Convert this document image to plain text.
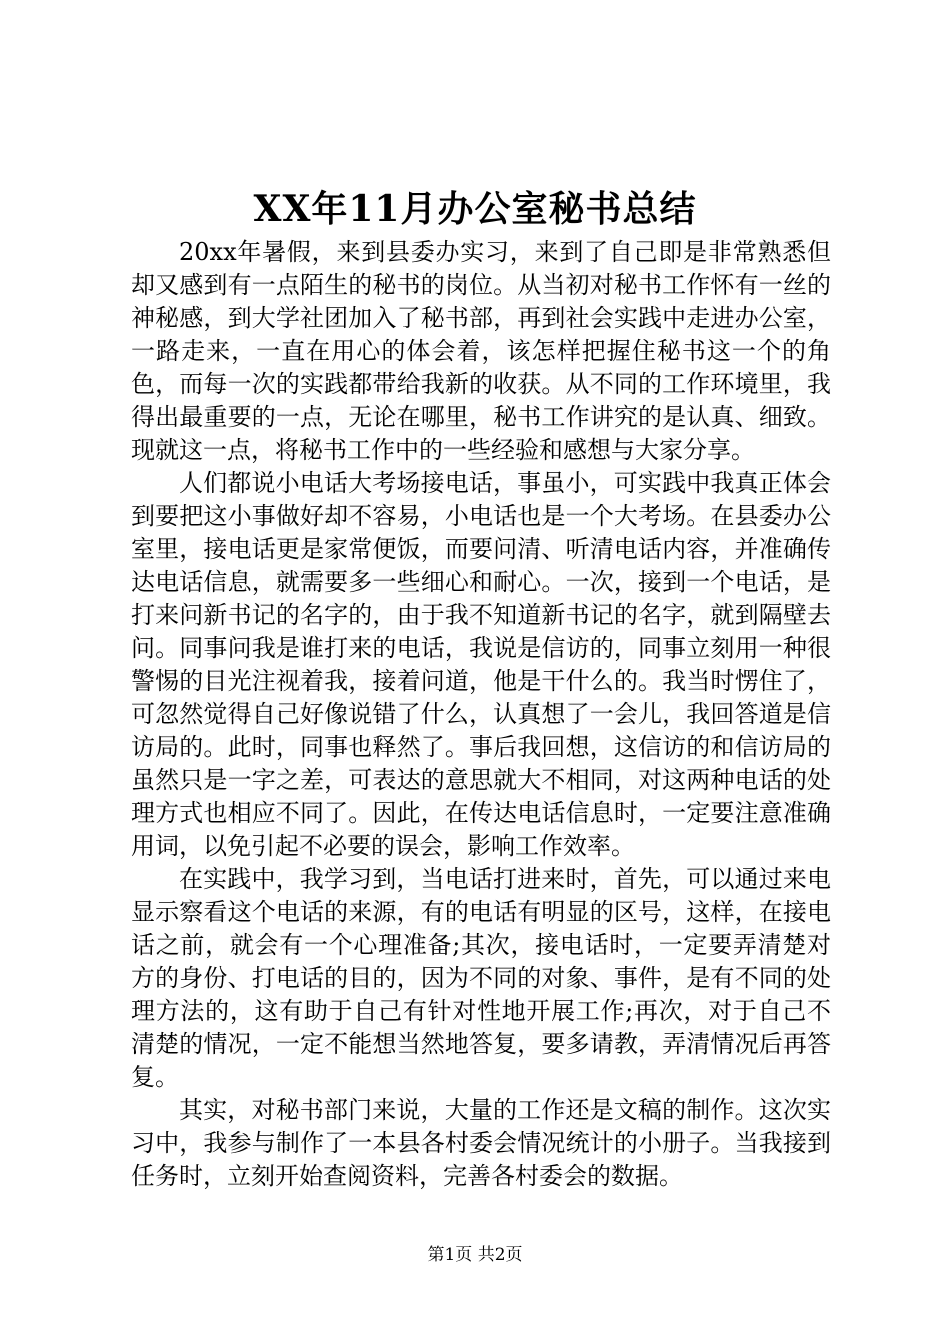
XX年11月办公室秘书总结

20xx年暑假，来到县委办实习，来到了自己即是非常熟悉但却又感到有一点陌生的秘书的岗位。从当初对秘书工作怀有一丝的神秘感，到大学社团加入了秘书部，再到社会实践中走进办公室，一路走来，一直在用心的体会着，该怎样把握住秘书这一个的角色，而每一次的实践都带给我新的收获。从不同的工作环境里，我得出最重要的一点，无论在哪里，秘书工作讲究的是认真、细致。现就这一点，将秘书工作中的一些经验和感想与大家分享。

人们都说小电话大考场接电话，事虽小，可实践中我真正体会到要把这小事做好却不容易，小电话也是一个大考场。在县委办公室里，接电话更是家常便饭，而要问清、听清电话内容，并准确传达电话信息，就需要多一些细心和耐心。一次，接到一个电话，是打来问新书记的名字的，由于我不知道新书记的名字，就到隔壁去问。同事问我是谁打来的电话，我说是信访的，同事立刻用一种很警惕的目光注视着我，接着问道，他是干什么的。我当时愣住了，可忽然觉得自己好像说错了什么，认真想了一会儿，我回答道是信访局的。此时，同事也释然了。事后我回想，这信访的和信访局的虽然只是一字之差，可表达的意思就大不相同，对这两种电话的处理方式也相应不同了。因此，在传达电话信息时，一定要注意准确用词，以免引起不必要的误会，影响工作效率。

在实践中，我学习到，当电话打进来时，首先，可以通过来电显示察看这个电话的来源，有的电话有明显的区号，这样，在接电话之前，就会有一个心理准备;其次，接电话时，一定要弄清楚对方的身份、打电话的目的，因为不同的对象、事件，是有不同的处理方法的，这有助于自己有针对性地开展工作;再次，对于自己不清楚的情况，一定不能想当然地答复，要多请教，弄清情况后再答复。

其实，对秘书部门来说，大量的工作还是文稿的制作。这次实习中，我参与制作了一本县各村委会情况统计的小册子。当我接到任务时，立刻开始查阅资料，完善各村委会的数据。

第1页 共2页
